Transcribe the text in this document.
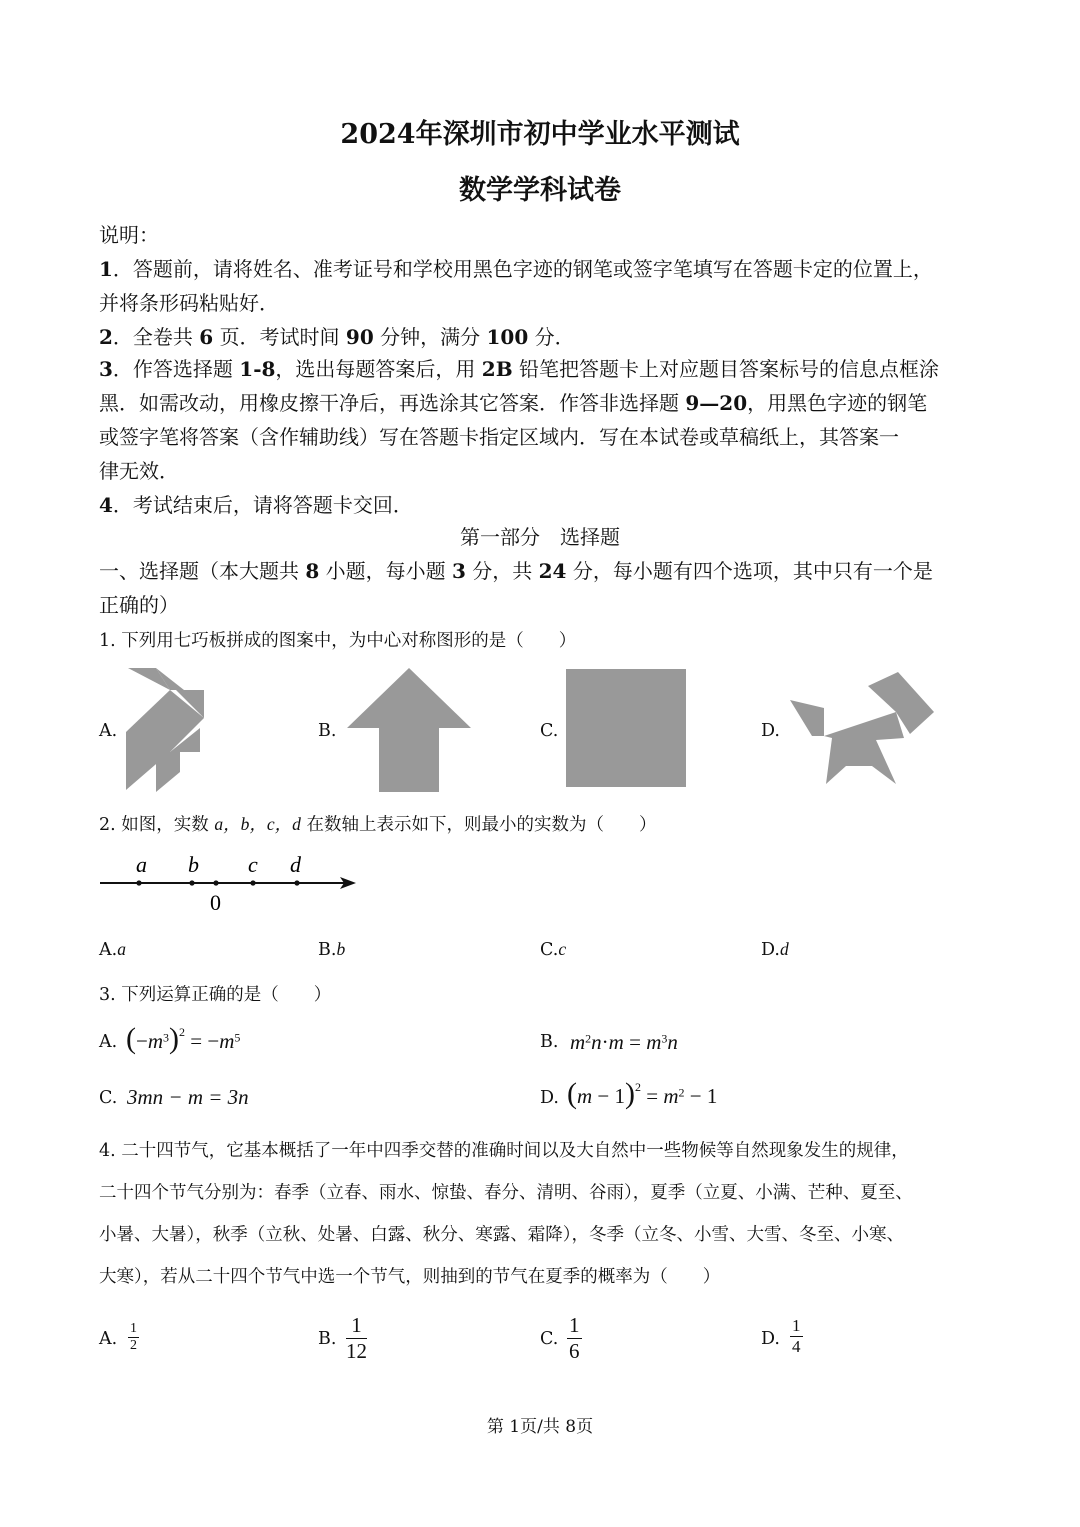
2024年深圳市初中学业水平测试
数学学科试卷
说明：
1．答题前，请将姓名、准考证号和学校用黑色字迹的钢笔或签字笔填写在答题卡定的位置上，
并将条形码粘贴好．
2．全卷共 6 页．考试时间 90 分钟，满分 100 分．
3．作答选择题 1-8，选出每题答案后，用 2B 铅笔把答题卡上对应题目答案标号的信息点框涂
黑．如需改动，用橡皮擦干净后，再选涂其它答案．作答非选择题 9—20，用黑色字迹的钢笔
或签字笔将答案（含作辅助线）写在答题卡指定区域内．写在本试卷或草稿纸上，其答案一
律无效．
4．考试结束后，请将答题卡交回．
第一部分　选择题
一、选择题（本大题共 8 小题，每小题 3 分，共 24 分，每小题有四个选项，其中只有一个是
正确的）
1. 下列用七巧板拼成的图案中，为中心对称图形的是（　　）
A.	B.	C.	D.
2. 如图，实数 a，b，c，d 在数轴上表示如下，则最小的实数为（　　）
a b c d
0
A.a	B.b	C.c	D.d
3. 下列运算正确的是（　　）
A. $(-m^3)^2 = -m^5$	B. $m^2n\cdot m = m^3n$
C. 3mn − m = 3n	D. $(m - 1)^2 = m^2 - 1$
4. 二十四节气，它基本概括了一年中四季交替的准确时间以及大自然中一些物候等自然现象发生的规律，
二十四个节气分别为：春季（立春、雨水、惊蛰、春分、清明、谷雨），夏季（立夏、小满、芒种、夏至、
小暑、大暑），秋季（立秋、处暑、白露、秋分、寒露、霜降），冬季（立冬、小雪、大雪、冬至、小寒、
大寒），若从二十四个节气中选一个节气，则抽到的节气在夏季的概率为（　　）
A. $\frac{1}{2}$	B. $\frac{1}{12}$	C. $\frac{1}{6}$	D. $\frac{1}{4}$
第 1页/共 8页
